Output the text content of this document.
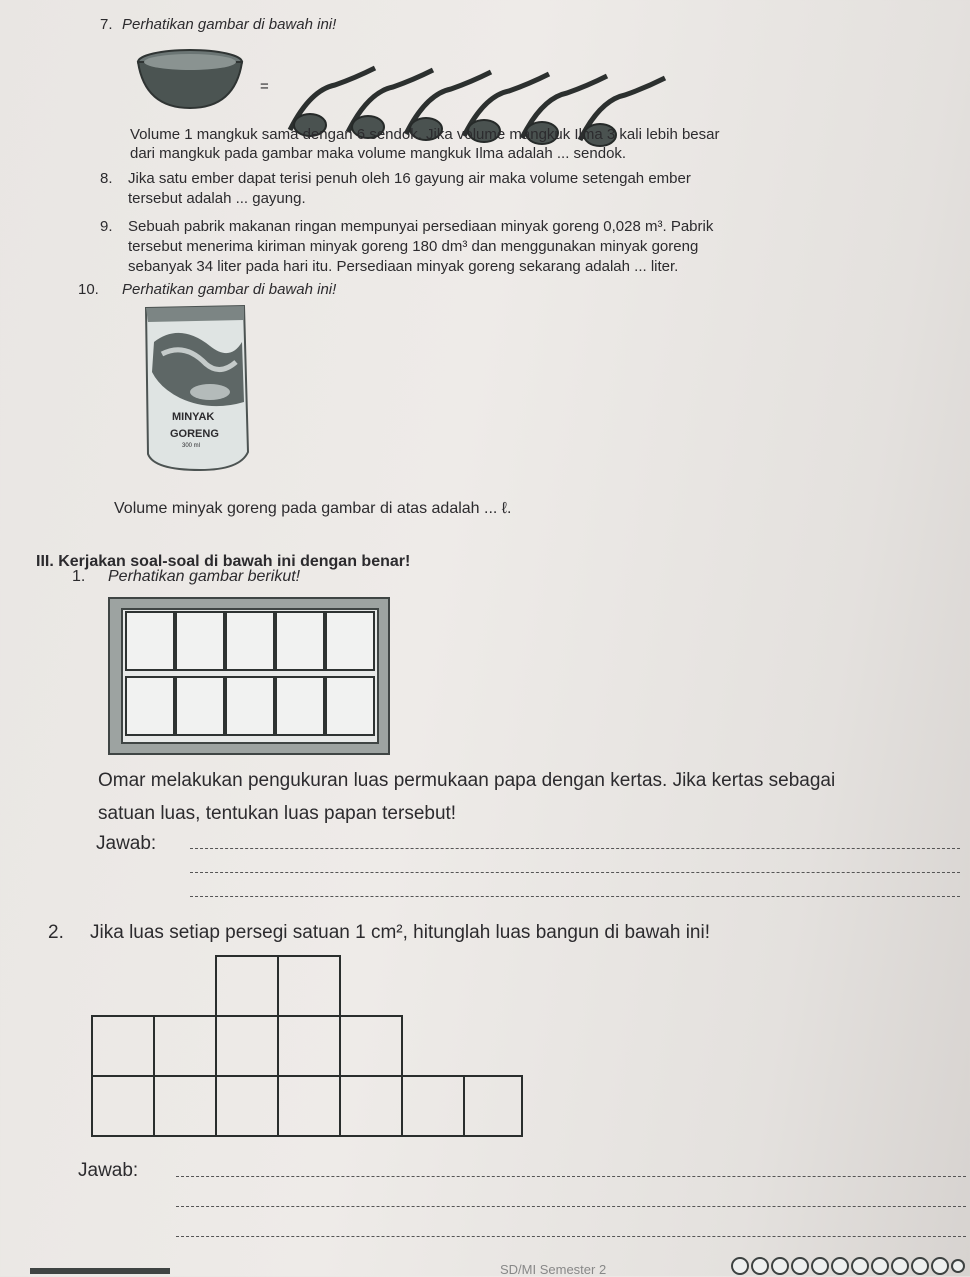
7. Perhatikan gambar di bawah ini!

=

Volume 1 mangkuk sama dengan 6 sendok. Jika volume mangkuk Ilma 3 kali lebih besar

dari mangkuk pada gambar maka volume mangkuk Ilma adalah ... sendok.

8. Jika satu ember dapat terisi penuh oleh 16 gayung air maka volume setengah ember

tersebut adalah ... gayung.

9. Sebuah pabrik makanan ringan mempunyai persediaan minyak goreng 0,028 m³. Pabrik

tersebut menerima kiriman minyak goreng 180 dm³ dan menggunakan minyak goreng

sebanyak 34 liter pada hari itu. Persediaan minyak goreng sekarang adalah ... liter.

10. Perhatikan gambar di bawah ini!

MINYAK

GORENG

300 ml

Volume minyak goreng pada gambar di atas adalah ... ℓ.

III. Kerjakan soal-soal di bawah ini dengan benar!

1. Perhatikan gambar berikut!

Omar melakukan pengukuran luas permukaan papa dengan kertas. Jika kertas sebagai

satuan luas, tentukan luas papan tersebut!

Jawab:

2. Jika luas setiap persegi satuan 1 cm², hitunglah luas bangun di bawah ini!

Jawab:

SD/MI Semester 2
